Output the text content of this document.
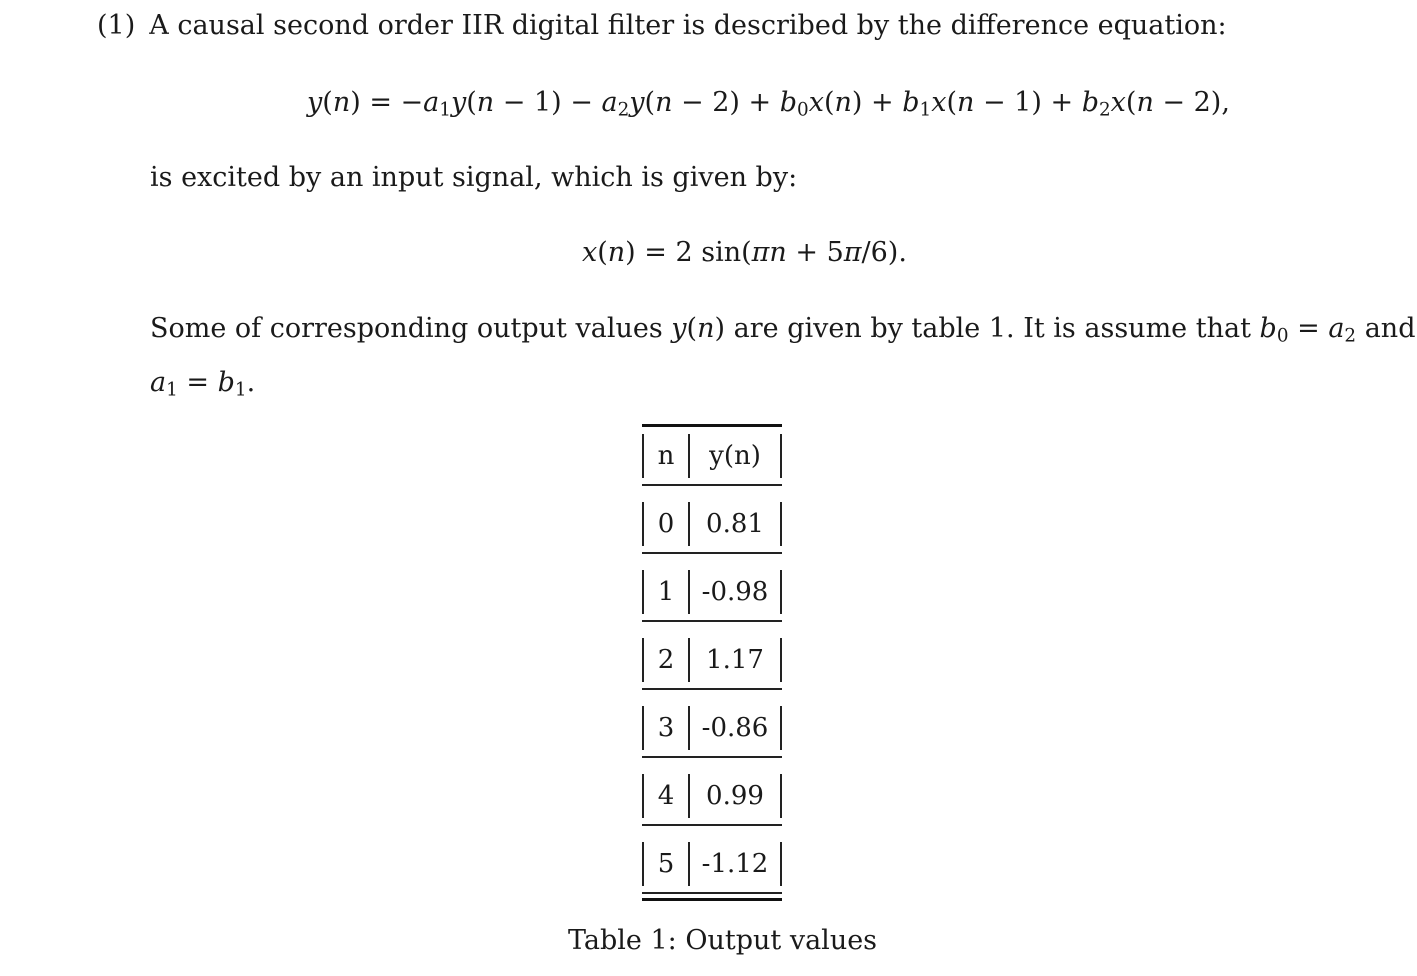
(1) A causal second order IIR digital filter is described by the difference equation:
$y(n) = -a_1y(n - 1) - a_2y(n - 2) + b_0x(n) + b_1x(n - 1) + b_2x(n - 2)$,
is excited by an input signal, which is given by:
x(n) = 2 sin(πn + 5π/6).
Some of corresponding output values y(n) are given by table 1. It is assume that $b_0 = a_2$ and
$a_1 = b_1$.
n	y(n)
0	0.81
1	-0.98
2	1.17
3	-0.86
4	0.99
5	-1.12
Table 1: Output values
